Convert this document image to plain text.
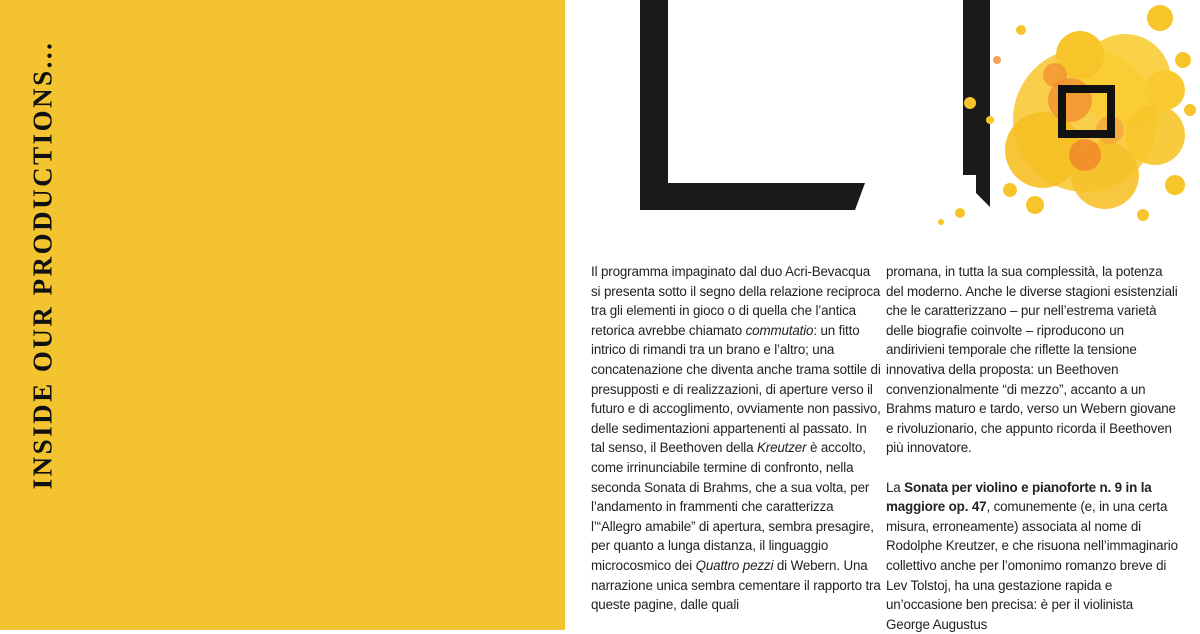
INSIDE OUR PRODUCTIONS...	Il programma impaginato dal duo Acri-Bevacqua si presenta sotto il segno della relazione reciproca tra gli elementi in gioco o di quella che l’antica retorica avrebbe chiamato commutatio: un fitto intrico di rimandi tra un brano e l’altro; una concatenazione che diventa anche trama sottile di presupposti e di realizzazioni, di aperture verso il futuro e di accoglimento, ovviamente non passivo, delle sedimentazioni appartenenti al passato. In tal senso, il Beethoven della Kreutzer è accolto, come irrinunciabile termine di confronto, nella seconda Sonata di Brahms, che a sua volta, per l’andamento in frammenti che caratterizza l’“Allegro amabile” di apertura, sembra presagire, per quanto a lunga distanza, il linguaggio microcosmico dei Quattro pezzi di Webern. Una narrazione unica sembra cementare il rapporto tra queste pagine, dalle quali

promana, in tutta la sua complessità, la potenza del moderno. Anche le diverse stagioni esistenziali che le caratterizzano – pur nell’estrema varietà delle biografie coinvolte – riproducono un andirivieni temporale che riflette la tensione innovativa della proposta: un Beethoven convenzionalmente “di mezzo”, accanto a un Brahms maturo e tardo, verso un Webern giovane e rivoluzionario, che appunto ricorda il Beethoven più innovatore.

La Sonata per violino e pianoforte n. 9 in la maggiore op. 47, comunemente (e, in una certa misura, erroneamente) associata al nome di Rodolphe Kreutzer, e che risuona nell’immaginario collettivo anche per l’omonimo romanzo breve di Lev Tolstoj, ha una gestazione rapida e un’occasione ben precisa: è per il violinista George Augustus
